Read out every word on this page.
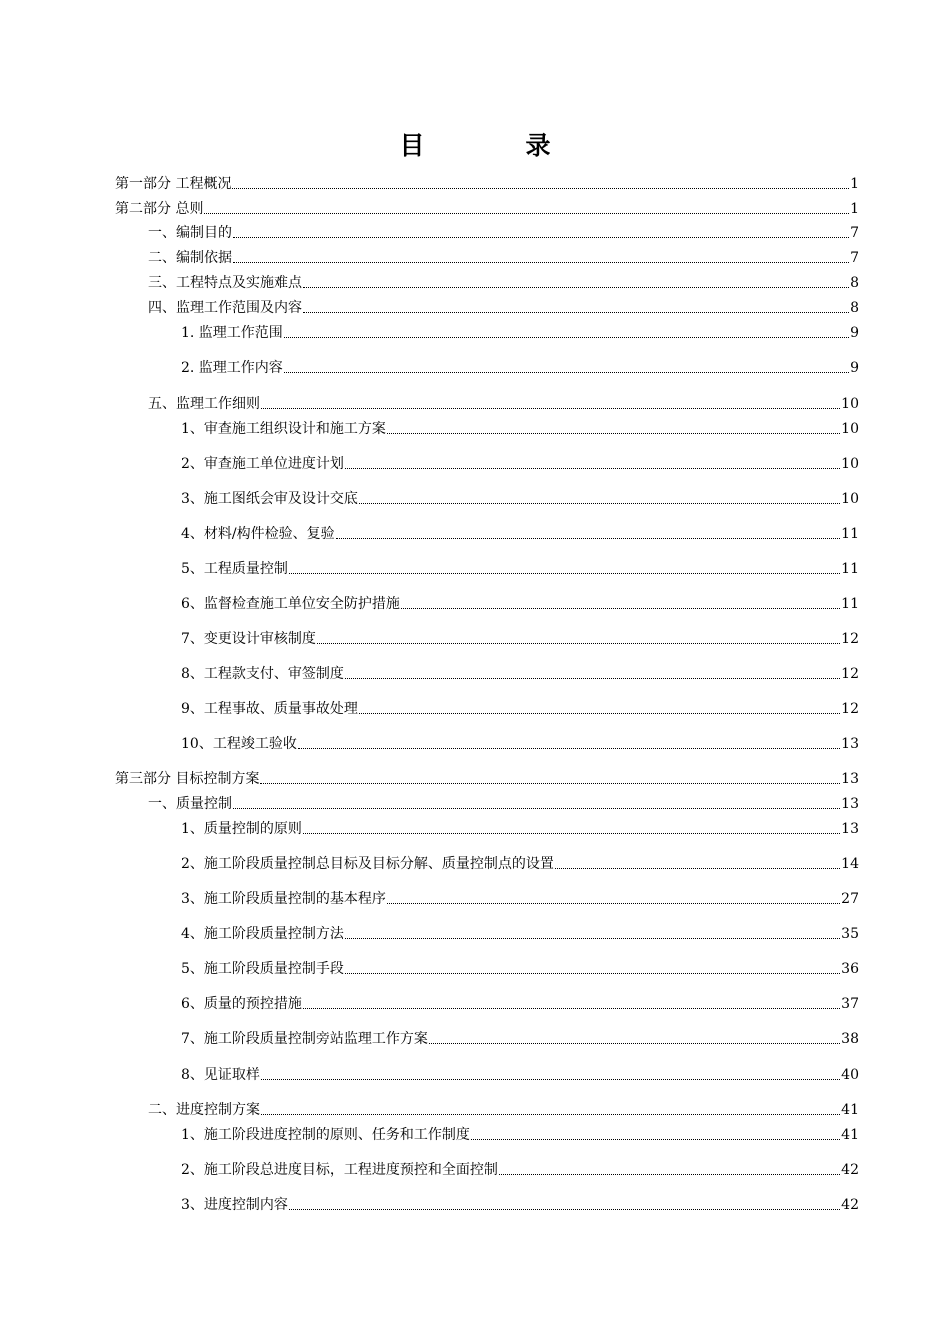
目　录
第一部分 工程概况	1
第二部分 总则	1
一、编制目的	7
二、编制依据	7
三、工程特点及实施难点	8
四、监理工作范围及内容	8
1. 监理工作范围	9
2. 监理工作内容	9
五、监理工作细则	10
1、审查施工组织设计和施工方案	10
2、审查施工单位进度计划	10
3、施工图纸会审及设计交底	10
4、材料/构件检验、复验	11
5、工程质量控制	11
6、监督检查施工单位安全防护措施	11
7、变更设计审核制度	12
8、工程款支付、审签制度	12
9、工程事故、质量事故处理	12
10、工程竣工验收	13
第三部分 目标控制方案	13
一、质量控制	13
1、质量控制的原则	13
2、施工阶段质量控制总目标及目标分解、质量控制点的设置	14
3、施工阶段质量控制的基本程序	27
4、施工阶段质量控制方法	35
5、施工阶段质量控制手段	36
6、质量的预控措施	37
7、施工阶段质量控制旁站监理工作方案	38
8、见证取样	40
二、进度控制方案	41
1、施工阶段进度控制的原则、任务和工作制度	41
2、施工阶段总进度目标，工程进度预控和全面控制	42
3、进度控制内容	42
